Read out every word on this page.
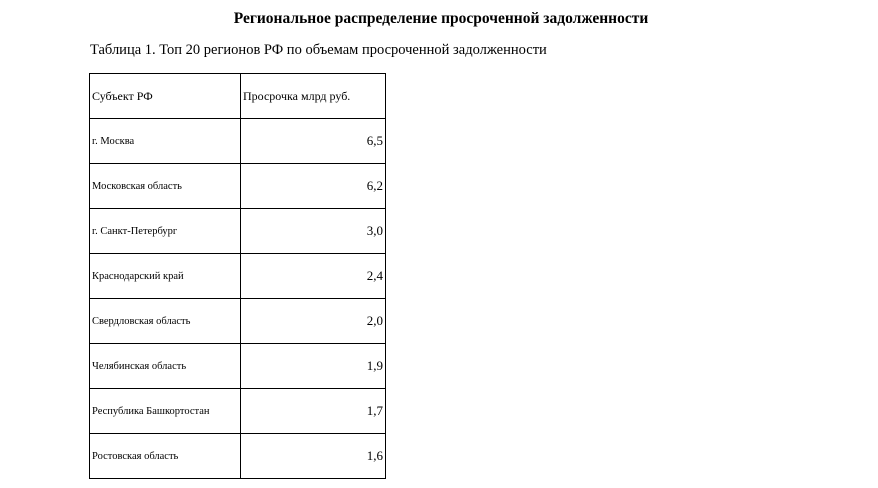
Региональное распределение просроченной задолженности
Таблица 1. Топ 20 регионов РФ по объемам просроченной задолженности
Субъект РФ	Просрочка млрд руб.
г. Москва	6,5
Московская область	6,2
г. Санкт-Петербург	3,0
Краснодарский край	2,4
Свердловская область	2,0
Челябинская область	1,9
Республика Башкортостан	1,7
Ростовская область	1,6
